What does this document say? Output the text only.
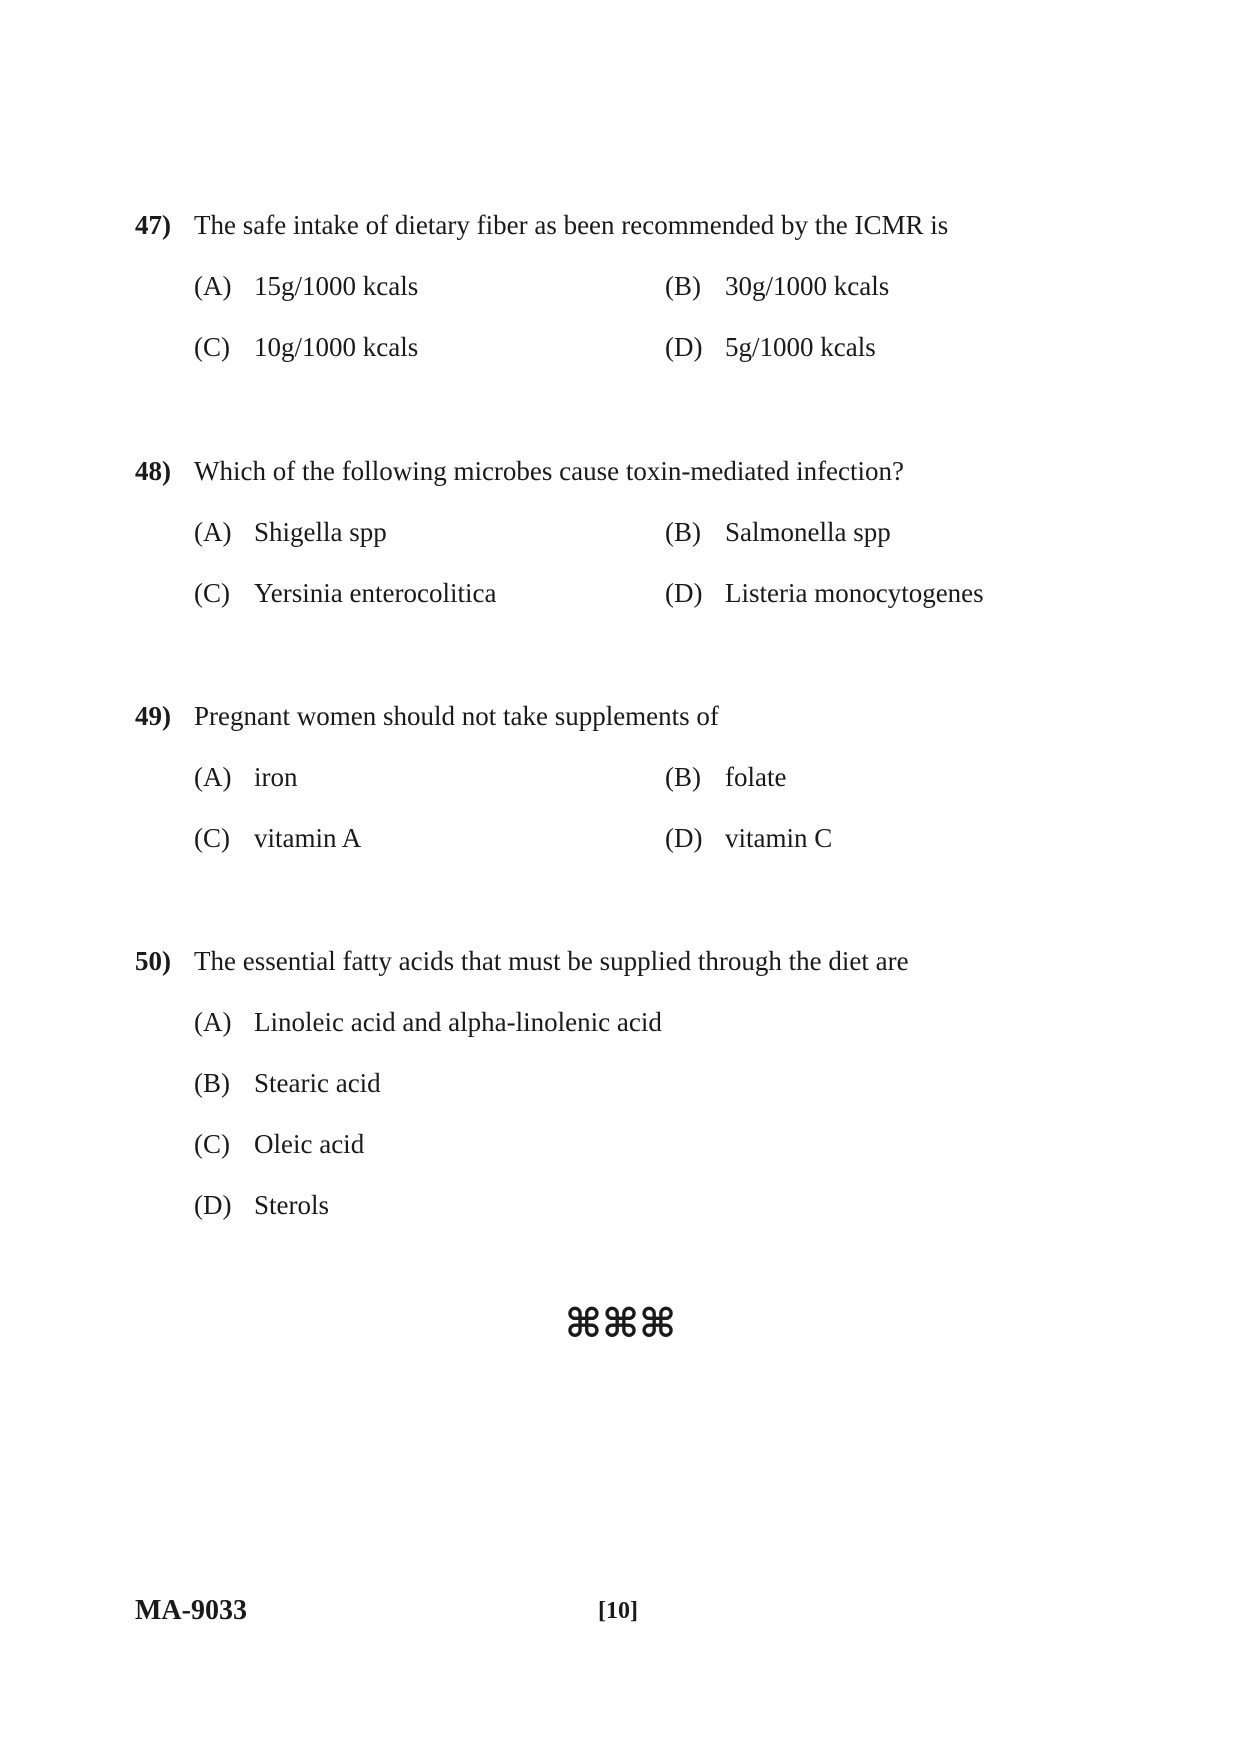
47) The safe intake of dietary fiber as been recommended by the ICMR is
(A) 15g/1000 kcals	(B) 30g/1000 kcals
(C) 10g/1000 kcals	(D) 5g/1000 kcals
48) Which of the following microbes cause toxin-mediated infection?
(A) Shigella spp	(B) Salmonella spp
(C) Yersinia enterocolitica	(D) Listeria monocytogenes
49) Pregnant women should not take supplements of
(A) iron	(B) folate
(C) vitamin A	(D) vitamin C
50) The essential fatty acids that must be supplied through the diet are
(A) Linoleic acid and alpha-linolenic acid
(B) Stearic acid
(C) Oleic acid
(D) Sterols
⌘⌘⌘
MA-9033	[10]
